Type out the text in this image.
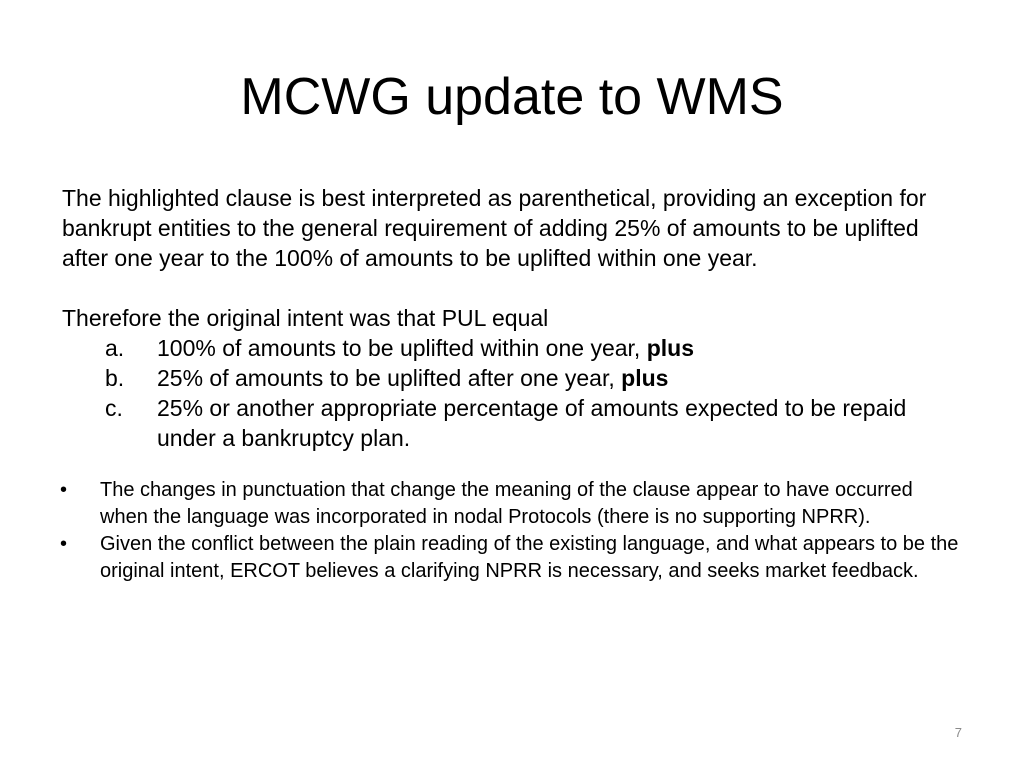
MCWG update to WMS

The highlighted clause is best interpreted as parenthetical, providing an exception for bankrupt entities to the general requirement of adding 25% of amounts to be uplifted after one year to the 100% of amounts to be uplifted within one year.

Therefore the original intent was that PUL equal
a. 100% of amounts to be uplifted within one year, plus
b. 25% of amounts to be uplifted after one year, plus
c. 25% or another appropriate percentage of amounts expected to be repaid under a bankruptcy plan.
• The changes in punctuation that change the meaning of the clause appear to have occurred when the language was incorporated in nodal Protocols (there is no supporting NPRR).
• Given the conflict between the plain reading of the existing language, and what appears to be the original intent, ERCOT believes a clarifying NPRR is necessary, and seeks market feedback.
7
